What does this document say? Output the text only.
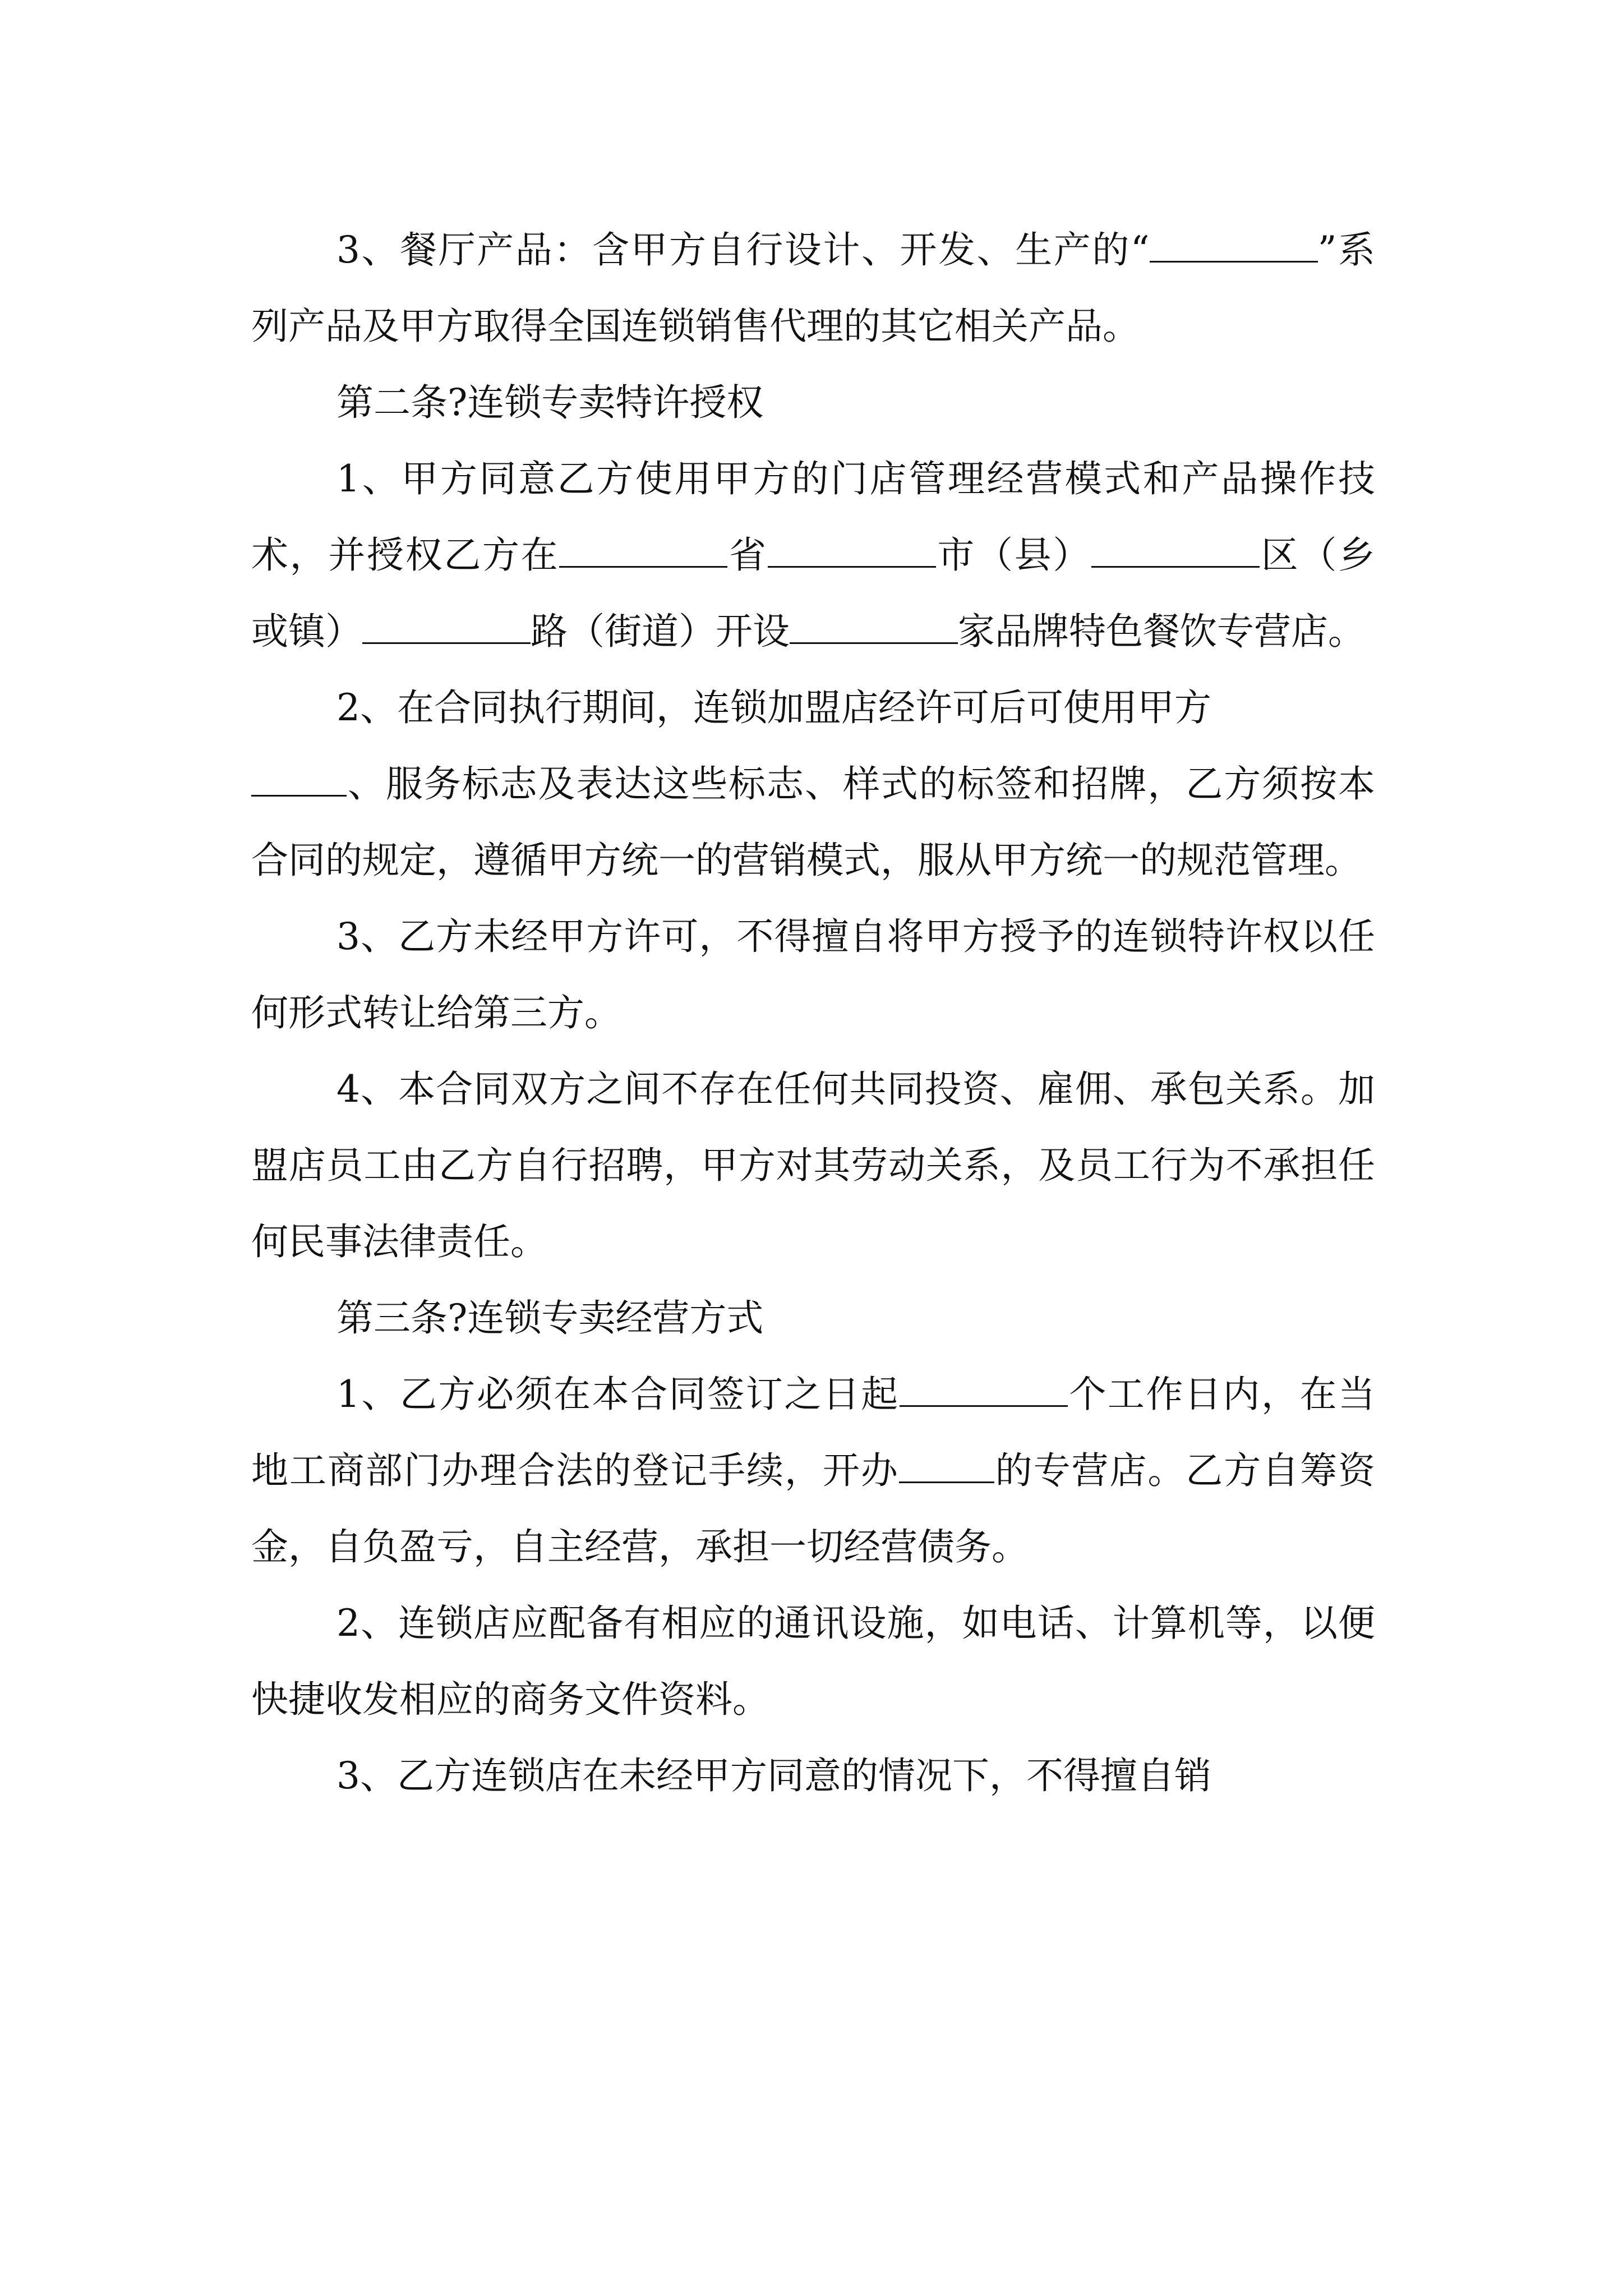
3、餐厅产品：含甲方自行设计、开发、生产的“	”系列产品及甲方取得全国连锁销售代理的其它相关产品。

第二条?连锁专卖特许授权

1、甲方同意乙方使用甲方的门店管理经营模式和产品操作技术，并授权乙方在	省	市（县）	区（乡或镇）	路（街道）开设	家品牌特色餐饮专营店。

2、在合同执行期间，连锁加盟店经许可后可使用甲方
、服务标志及表达这些标志、样式的标签和招牌，乙方须按本合同的规定，遵循甲方统一的营销模式，服从甲方统一的规范管理。

3、乙方未经甲方许可，不得擅自将甲方授予的连锁特许权以任何形式转让给第三方。

4、本合同双方之间不存在任何共同投资、雇佣、承包关系。加盟店员工由乙方自行招聘，甲方对其劳动关系，及员工行为不承担任何民事法律责任。

第三条?连锁专卖经营方式

1、乙方必须在本合同签订之日起	个工作日内，在当地工商部门办理合法的登记手续，开办	的专营店。乙方自筹资金，自负盈亏，自主经营，承担一切经营债务。

2、连锁店应配备有相应的通讯设施，如电话、计算机等，以便快捷收发相应的商务文件资料。

3、乙方连锁店在未经甲方同意的情况下，不得擅自销
